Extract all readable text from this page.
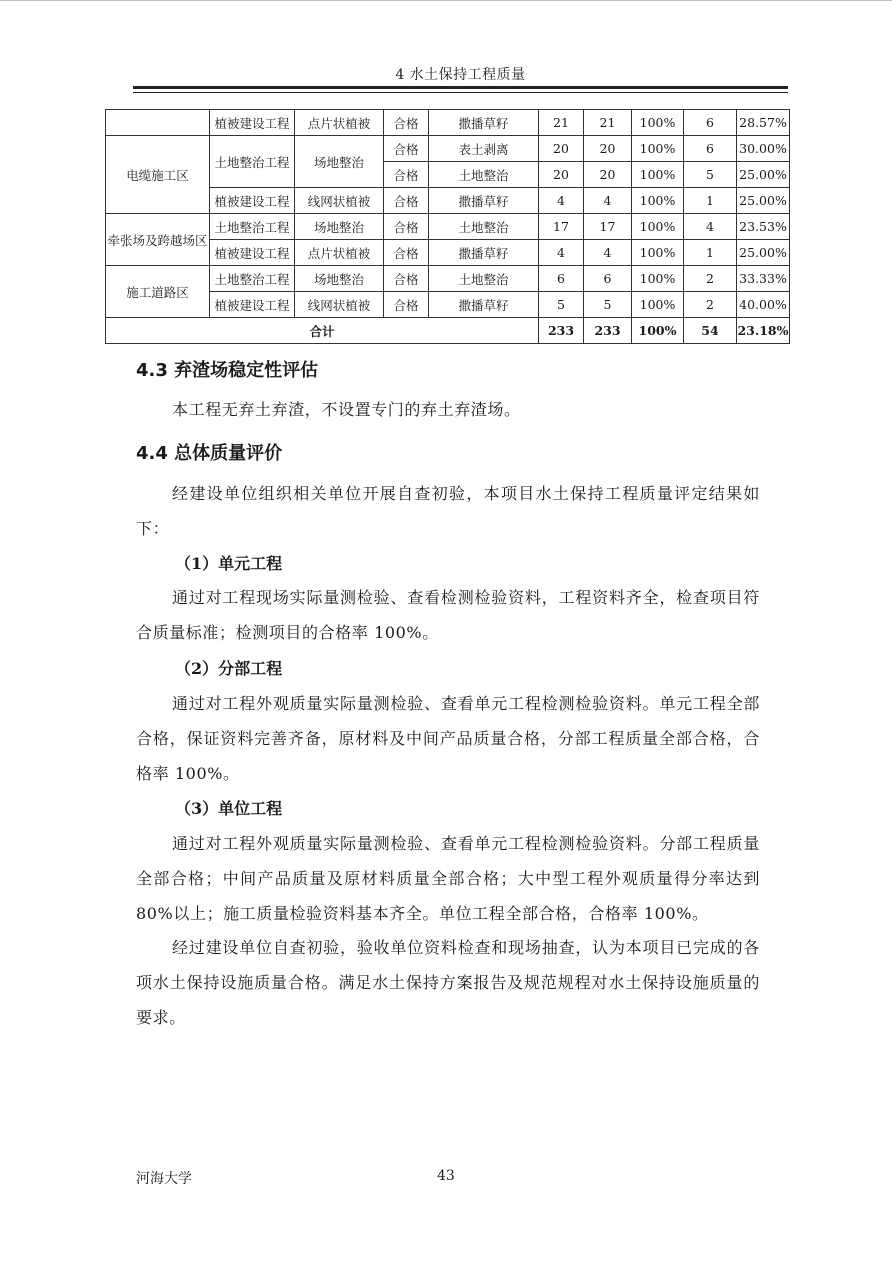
4 水土保持工程质量
	植被建设工程	点片状植被	合格	撒播草籽	21	21	100%	6	28.57%
电缆施工区	土地整治工程	场地整治	合格	表土剥离	20	20	100%	6	30.00%
			合格	土地整治	20	20	100%	5	25.00%
	植被建设工程	线网状植被	合格	撒播草籽	4	4	100%	1	25.00%
牵张场及跨越场区	土地整治工程	场地整治	合格	土地整治	17	17	100%	4	23.53%
	植被建设工程	点片状植被	合格	撒播草籽	4	4	100%	1	25.00%
施工道路区	土地整治工程	场地整治	合格	土地整治	6	6	100%	2	33.33%
	植被建设工程	线网状植被	合格	撒播草籽	5	5	100%	2	40.00%
合计					233	233	100%	54	23.18%
4.3 弃渣场稳定性评估
本工程无弃土弃渣，不设置专门的弃土弃渣场。
4.4 总体质量评价
经建设单位组织相关单位开展自查初验，本项目水土保持工程质量评定结果如下：
（1）单元工程
通过对工程现场实际量测检验、查看检测检验资料，工程资料齐全，检查项目符合质量标准；检测项目的合格率 100%。
（2）分部工程
通过对工程外观质量实际量测检验、查看单元工程检测检验资料。单元工程全部合格，保证资料完善齐备，原材料及中间产品质量合格，分部工程质量全部合格，合格率 100%。
（3）单位工程
通过对工程外观质量实际量测检验、查看单元工程检测检验资料。分部工程质量全部合格；中间产品质量及原材料质量全部合格；大中型工程外观质量得分率达到 80%以上；施工质量检验资料基本齐全。单位工程全部合格，合格率 100%。
经过建设单位自查初验，验收单位资料检查和现场抽查，认为本项目已完成的各项水土保持设施质量合格。满足水土保持方案报告及规范规程对水土保持设施质量的要求。
河海大学	43
